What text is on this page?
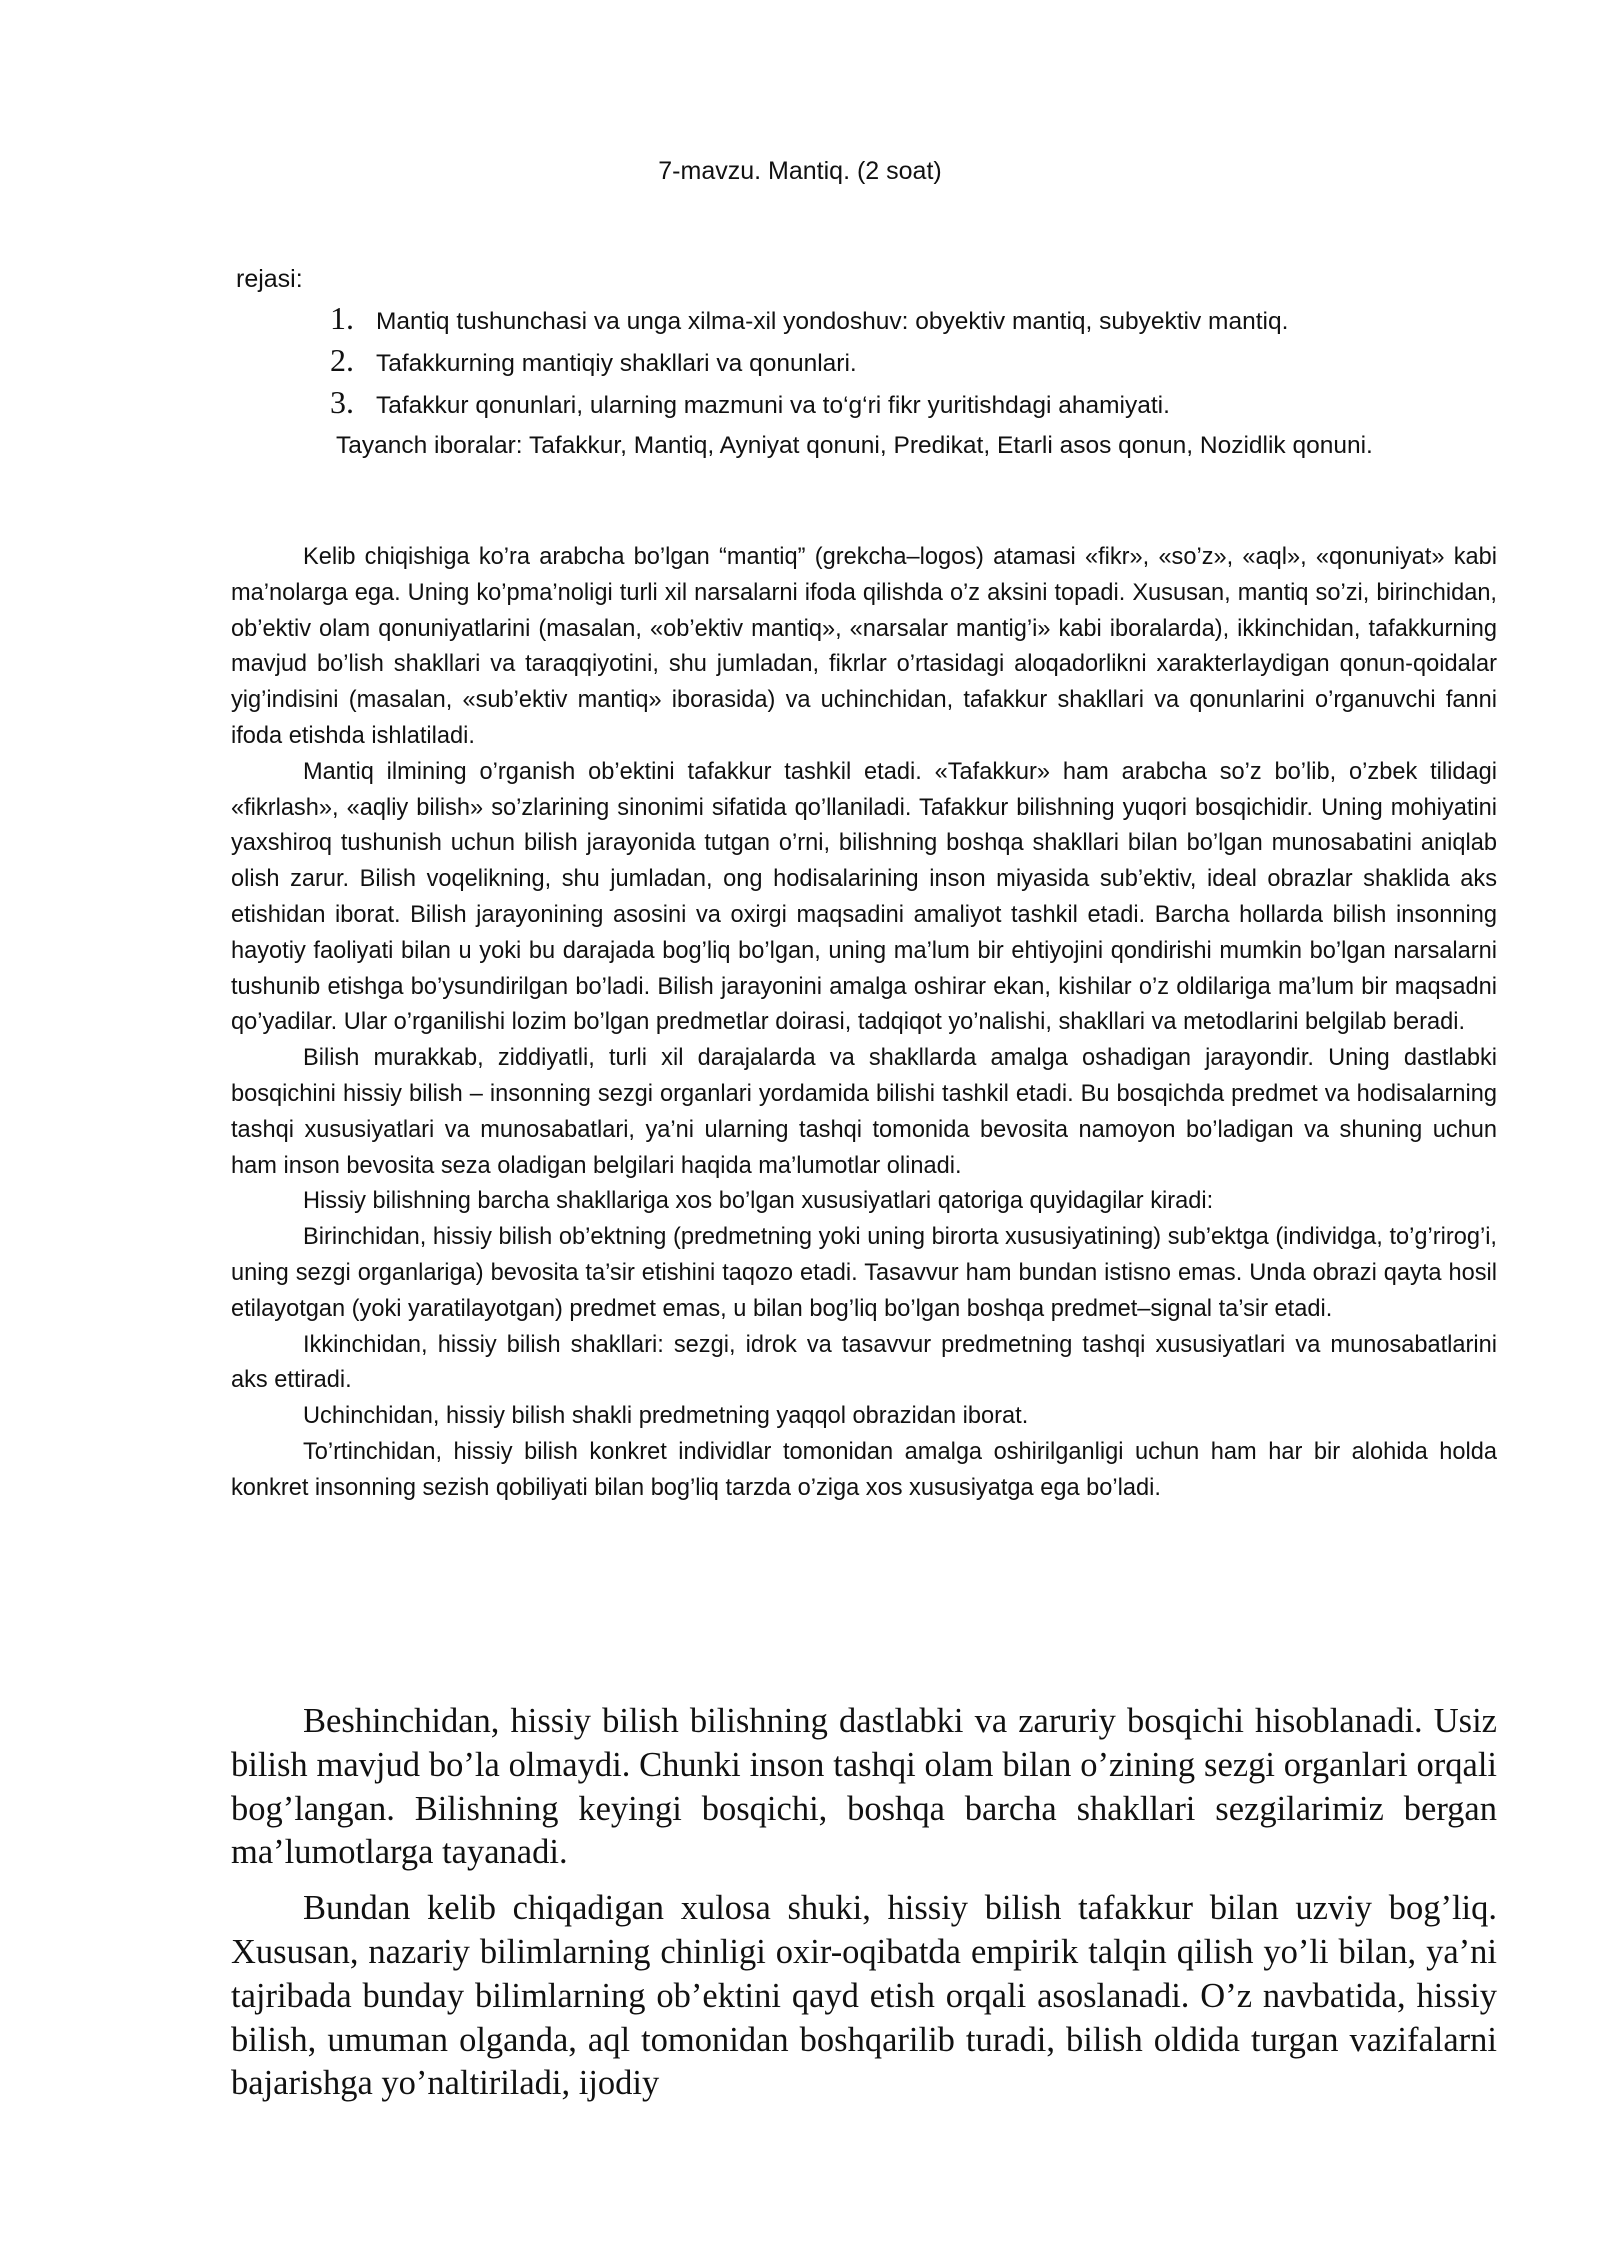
7-mavzu. Mantiq. (2 soat)
rejasi:
1. Mantiq tushunchasi va unga xilma-xil yondoshuv: obyektiv mantiq, subyektiv mantiq.
2. Tafakkurning mantiqiy shakllari va qonunlari.
3. Tafakkur qonunlari, ularning mazmuni va to‘g‘ri fikr yuritishdagi ahamiyati.
Tayanch iboralar: Tafakkur, Mantiq, Ayniyat qonuni, Predikat, Etarli asos qonun, Nozidlik qonuni.

Kelib chiqishiga ko’ra arabcha bo’lgan “mantiq” (grekcha–logos) atamasi «fikr», «so’z», «aql», «qonuniyat» kabi ma’nolarga ega. Uning ko’pma’noligi turli xil narsalarni ifoda qilishda o’z aksini topadi. Xususan, mantiq so’zi, birinchidan, ob’ektiv olam qonuniyatlarini (masalan, «ob’ektiv mantiq», «narsalar mantig’i» kabi iboralarda), ikkinchidan, tafakkurning mavjud bo’lish shakllari va taraqqiyotini, shu jumladan, fikrlar o’rtasidagi aloqadorlikni xarakterlaydigan qonun-qoidalar yig’indisini (masalan, «sub’ektiv mantiq» iborasida) va uchinchidan, tafakkur shakllari va qonunlarini o’rganuvchi fanni ifoda etishda ishlatiladi.

Mantiq ilmining o’rganish ob’ektini tafakkur tashkil etadi. «Tafakkur» ham arabcha so’z bo’lib, o’zbek tilidagi «fikrlash», «aqliy bilish» so’zlarining sinonimi sifatida qo’llaniladi. Tafakkur bilishning yuqori bosqichidir. Uning mohiyatini yaxshiroq tushunish uchun bilish jarayonida tutgan o’rni, bilishning boshqa shakllari bilan bo’lgan munosabatini aniqlab olish zarur. Bilish voqelikning, shu jumladan, ong hodisalarining inson miyasida sub’ektiv, ideal obrazlar shaklida aks etishidan iborat. Bilish jarayonining asosini va oxirgi maqsadini amaliyot tashkil etadi. Barcha hollarda bilish insonning hayotiy faoliyati bilan u yoki bu darajada bog’liq bo’lgan, uning ma’lum bir ehtiyojini qondirishi mumkin bo’lgan narsalarni tushunib etishga bo’ysundirilgan bo’ladi. Bilish jarayonini amalga oshirar ekan, kishilar o’z oldilariga ma’lum bir maqsadni qo’yadilar. Ular o’rganilishi lozim bo’lgan predmetlar doirasi, tadqiqot yo’nalishi, shakllari va metodlarini belgilab beradi.

Bilish murakkab, ziddiyatli, turli xil darajalarda va shakllarda amalga oshadigan jarayondir. Uning dastlabki bosqichini hissiy bilish – insonning sezgi organlari yordamida bilishi tashkil etadi. Bu bosqichda predmet va hodisalarning tashqi xususiyatlari va munosabatlari, ya’ni ularning tashqi tomonida bevosita namoyon bo’ladigan va shuning uchun ham inson bevosita seza oladigan belgilari haqida ma’lumotlar olinadi.

Hissiy bilishning barcha shakllariga xos bo’lgan xususiyatlari qatoriga quyidagilar kiradi:

Birinchidan, hissiy bilish ob’ektning (predmetning yoki uning birorta xususiyatining) sub’ektga (individga, to’g’rirog’i, uning sezgi organlariga) bevosita ta’sir etishini taqozo etadi. Tasavvur ham bundan istisno emas. Unda obrazi qayta hosil etilayotgan (yoki yaratilayotgan) predmet emas, u bilan bog’liq bo’lgan boshqa predmet–signal ta’sir etadi.

Ikkinchidan, hissiy bilish shakllari: sezgi, idrok va tasavvur predmetning tashqi xususiyatlari va munosabatlarini aks ettiradi.

Uchinchidan, hissiy bilish shakli predmetning yaqqol obrazidan iborat.

To’rtinchidan, hissiy bilish konkret individlar tomonidan amalga oshirilganligi uchun ham har bir alohida holda konkret insonning sezish qobiliyati bilan bog’liq tarzda o’ziga xos xususiyatga ega bo’ladi.

Beshinchidan, hissiy bilish bilishning dastlabki va zaruriy bosqichi hisoblanadi. Usiz bilish mavjud bo’la olmaydi. Chunki inson tashqi olam bilan o’zining sezgi organlari orqali bog’langan. Bilishning keyingi bosqichi, boshqa barcha shakllari sezgilarimiz bergan ma’lumotlarga tayanadi.

Bundan kelib chiqadigan xulosa shuki, hissiy bilish tafakkur bilan uzviy bog’liq. Xususan, nazariy bilimlarning chinligi oxir-oqibatda empirik talqin qilish yo’li bilan, ya’ni tajribada bunday bilimlarning ob’ektini qayd etish orqali asoslanadi. O’z navbatida, hissiy bilish, umuman olganda, aql tomonidan boshqarilib turadi, bilish oldida turgan vazifalarni bajarishga yo’naltiriladi, ijodiy
